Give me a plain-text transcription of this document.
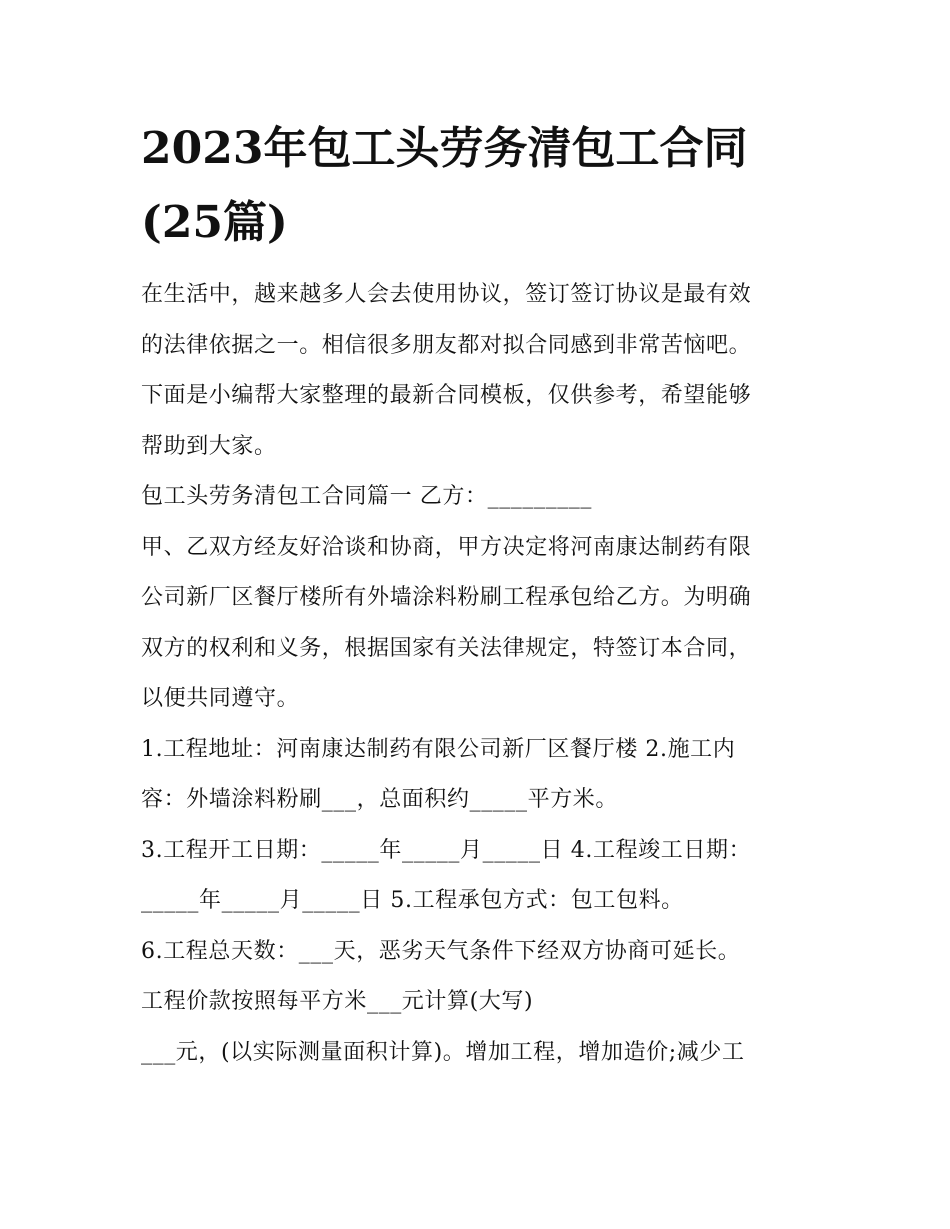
2023年包工头劳务清包工合同
(25篇)
在生活中，越来越多人会去使用协议，签订签订协议是最有效
的法律依据之一。相信很多朋友都对拟合同感到非常苦恼吧。
下面是小编帮大家整理的最新合同模板，仅供参考，希望能够
帮助到大家。
包工头劳务清包工合同篇一 乙方：_________
甲、乙双方经友好洽谈和协商，甲方决定将河南康达制药有限
公司新厂区餐厅楼所有外墙涂料粉刷工程承包给乙方。为明确
双方的权利和义务，根据国家有关法律规定，特签订本合同，
以便共同遵守。
1.工程地址：河南康达制药有限公司新厂区餐厅楼 2.施工内
容：外墙涂料粉刷___，总面积约_____平方米。
3.工程开工日期：_____年_____月_____日 4.工程竣工日期：
_____年_____月_____日 5.工程承包方式：包工包料。
6.工程总天数：___天，恶劣天气条件下经双方协商可延长。
工程价款按照每平方米___元计算(大写)
___元，(以实际测量面积计算)。增加工程，增加造价;减少工
